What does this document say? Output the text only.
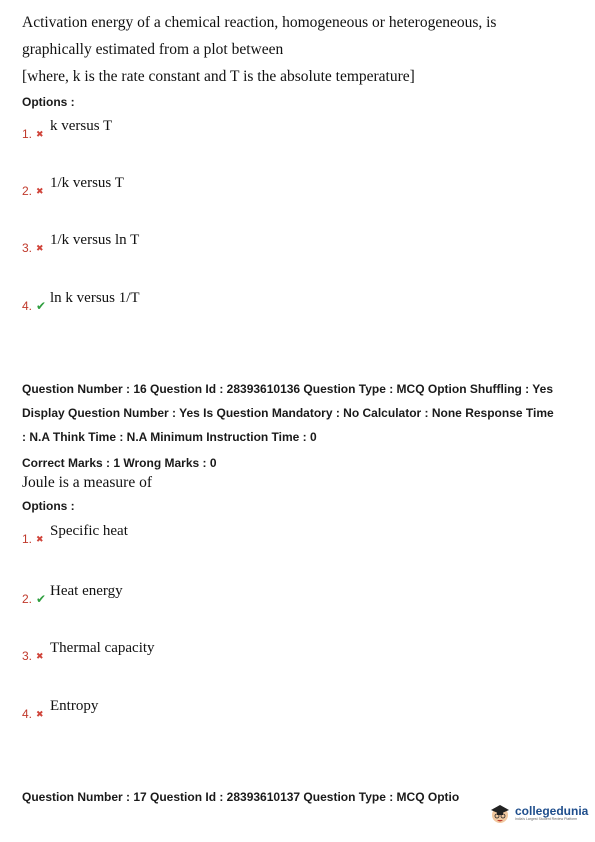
Activation energy of a chemical reaction, homogeneous or heterogeneous, is
graphically estimated from a plot between
[where, k is the rate constant and T is the absolute temperature]
Options :
1. ✖
k versus T
2. ✖
1/k versus T
3. ✖
1/k versus ln T
4. ✔ ln k versus 1/T
Question Number : 16 Question Id : 28393610136 Question Type : MCQ Option Shuffling : Yes
Display Question Number : Yes Is Question Mandatory : No Calculator : None Response Time
: N.A Think Time : N.A Minimum Instruction Time : 0
Correct Marks : 1 Wrong Marks : 0
Joule is a measure of
Options :
1. ✖
Specific heat
2. ✔ Heat energy
3. ✖
Thermal capacity
4. ✖
Entropy
Question Number : 17 Question Id : 28393610137 Question Type : MCQ Optio
collegedunia
India's Largest Student Review Platform
